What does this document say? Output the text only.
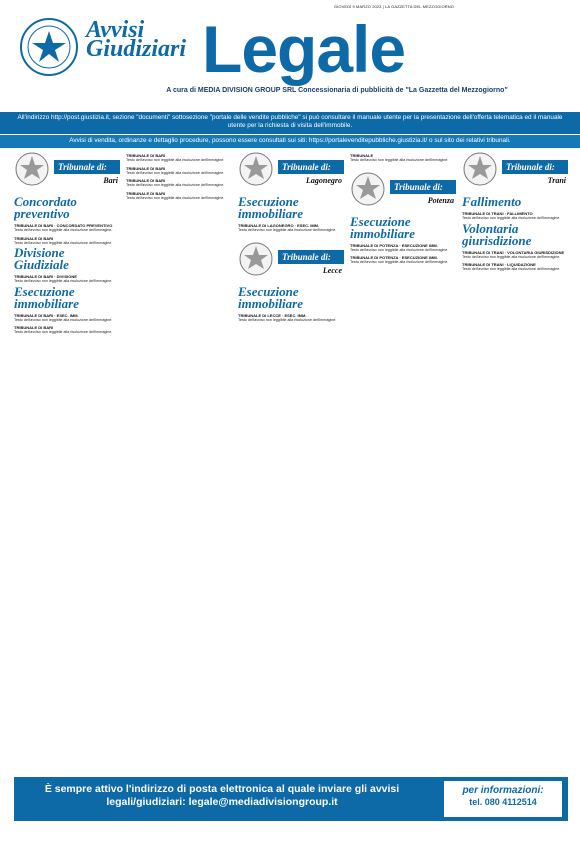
GIOVEDÌ 9 MARZO 2023 | LA GAZZETTA DEL MEZZOGIORNO
Avvisi
Giudiziari Legale
A cura di MEDIA DIVISION GROUP SRL Concessionaria di pubblicità de "La Gazzetta del Mezzogiorno"
All'indirizzo http://post.giustizia.it, sezione "documenti" sottosezione "portale delle vendite pubbliche" si può consultare il manuale utente per la presentazione dell'offerta telematica ed il manuale utente per la richiesta di visita dell'immobile.
Avvisi di vendita, ordinanze e dettaglio procedure, possono essere consultati sui siti: https://portalevenditepubbliche.giustizia.it/ o sul sito dei relativi tribunali.
Tribunale di:
Bari
Concordato preventivo
TRIBUNALE DI BARI · CONCORDATO PREVENTIVO

Testo dell'avviso non leggibile alla risoluzione dell'immagine.

TRIBUNALE DI BARI

Testo dell'avviso non leggibile alla risoluzione dell'immagine.

Divisione Giudiziale
TRIBUNALE DI BARI · DIVISIONE

Testo dell'avviso non leggibile alla risoluzione dell'immagine.

Esecuzione immobiliare
TRIBUNALE DI BARI · ESEC. IMM.

Testo dell'avviso non leggibile alla risoluzione dell'immagine.

TRIBUNALE DI BARI

Testo dell'avviso non leggibile alla risoluzione dell'immagine.

TRIBUNALE DI BARI

Testo dell'avviso non leggibile alla risoluzione dell'immagine.

TRIBUNALE DI BARI

Testo dell'avviso non leggibile alla risoluzione dell'immagine.

TRIBUNALE DI BARI

Testo dell'avviso non leggibile alla risoluzione dell'immagine.

TRIBUNALE DI BARI

Testo dell'avviso non leggibile alla risoluzione dell'immagine.

Tribunale di:
Lagonegro
Esecuzione immobiliare
TRIBUNALE DI LAGONEGRO · ESEC. IMM.

Testo dell'avviso non leggibile alla risoluzione dell'immagine.

Tribunale di:
Lecce
Esecuzione immobiliare
TRIBUNALE DI LECCE · ESEC. IMM.

Testo dell'avviso non leggibile alla risoluzione dell'immagine.

TRIBUNALE

Testo dell'avviso non leggibile alla risoluzione dell'immagine.

Tribunale di:
Potenza
Esecuzione immobiliare
TRIBUNALE DI POTENZA · ESECUZIONE IMM.

Testo dell'avviso non leggibile alla risoluzione dell'immagine.

TRIBUNALE DI POTENZA · ESECUZIONE IMM.

Testo dell'avviso non leggibile alla risoluzione dell'immagine.

Tribunale di:
Trani
Fallimento
TRIBUNALE DI TRANI · FALLIMENTO

Testo dell'avviso non leggibile alla risoluzione dell'immagine.

Volontaria giurisdizione
TRIBUNALE DI TRANI · VOLONTARIA GIURISDIZIONE

Testo dell'avviso non leggibile alla risoluzione dell'immagine.

TRIBUNALE DI TRANI · LIQUIDAZIONE

Testo dell'avviso non leggibile alla risoluzione dell'immagine.

È sempre attivo l'indirizzo di posta elettronica al quale inviare gli avvisi legali/giudiziari: legale@mediadivisiongroup.it
per informazioni:
tel. 080 4112514
